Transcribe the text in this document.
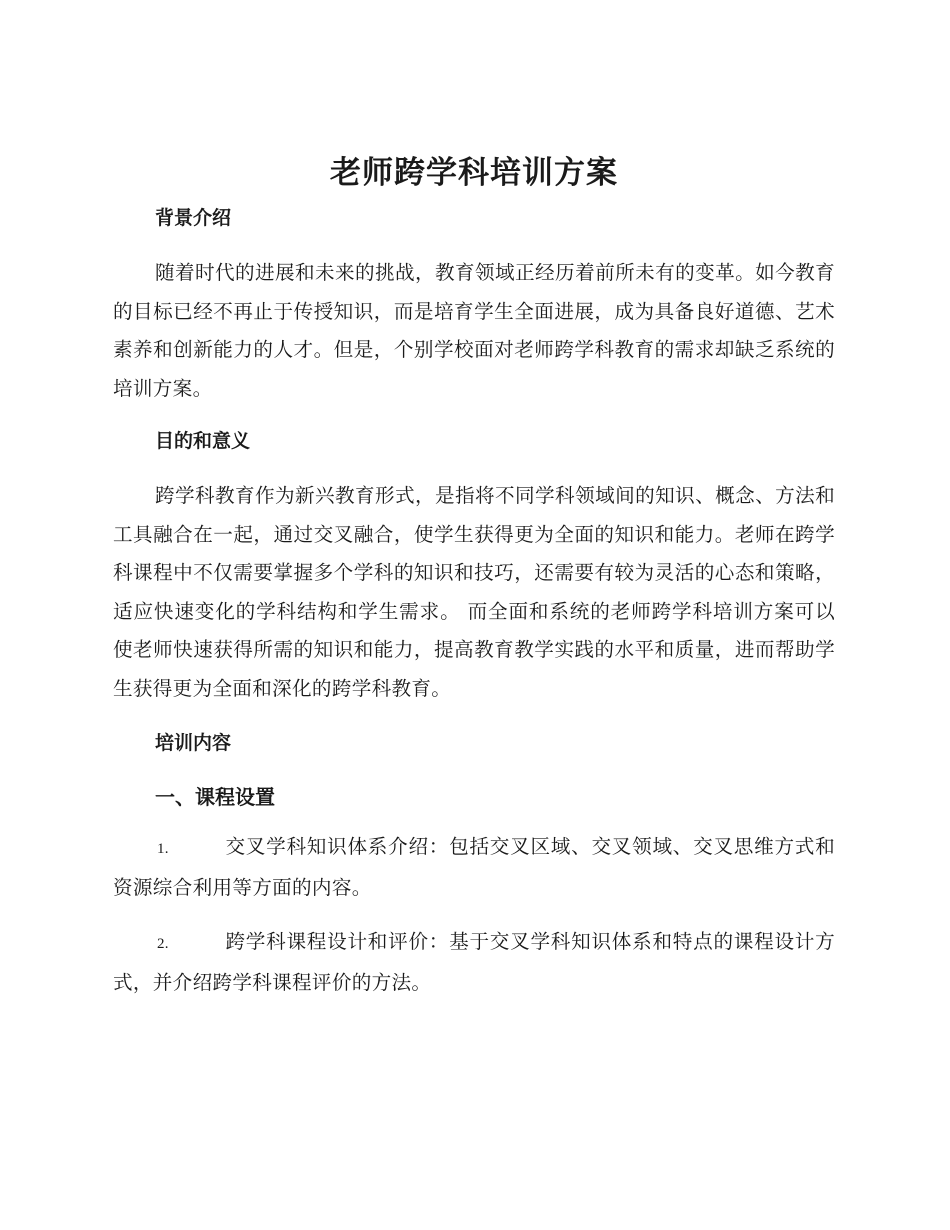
老师跨学科培训方案
背景介绍

随着时代的进展和未来的挑战，教育领域正经历着前所未有的变革。如今教育的目标已经不再止于传授知识，而是培育学生全面进展，成为具备良好道德、艺术素养和创新能力的人才。但是，个别学校面对老师跨学科教育的需求却缺乏系统的培训方案。

目的和意义

跨学科教育作为新兴教育形式，是指将不同学科领域间的知识、概念、方法和工具融合在一起，通过交叉融合，使学生获得更为全面的知识和能力。老师在跨学科课程中不仅需要掌握多个学科的知识和技巧，还需要有较为灵活的心态和策略，适应快速变化的学科结构和学生需求。 而全面和系统的老师跨学科培训方案可以使老师快速获得所需的知识和能力，提高教育教学实践的水平和质量，进而帮助学生获得更为全面和深化的跨学科教育。

培训内容
一、课程设置

1.	交叉学科知识体系介绍：包括交叉区域、交叉领域、交叉思维方式和资源综合利用等方面的内容。

2.	跨学科课程设计和评价：基于交叉学科知识体系和特点的课程设计方式，并介绍跨学科课程评价的方法。
